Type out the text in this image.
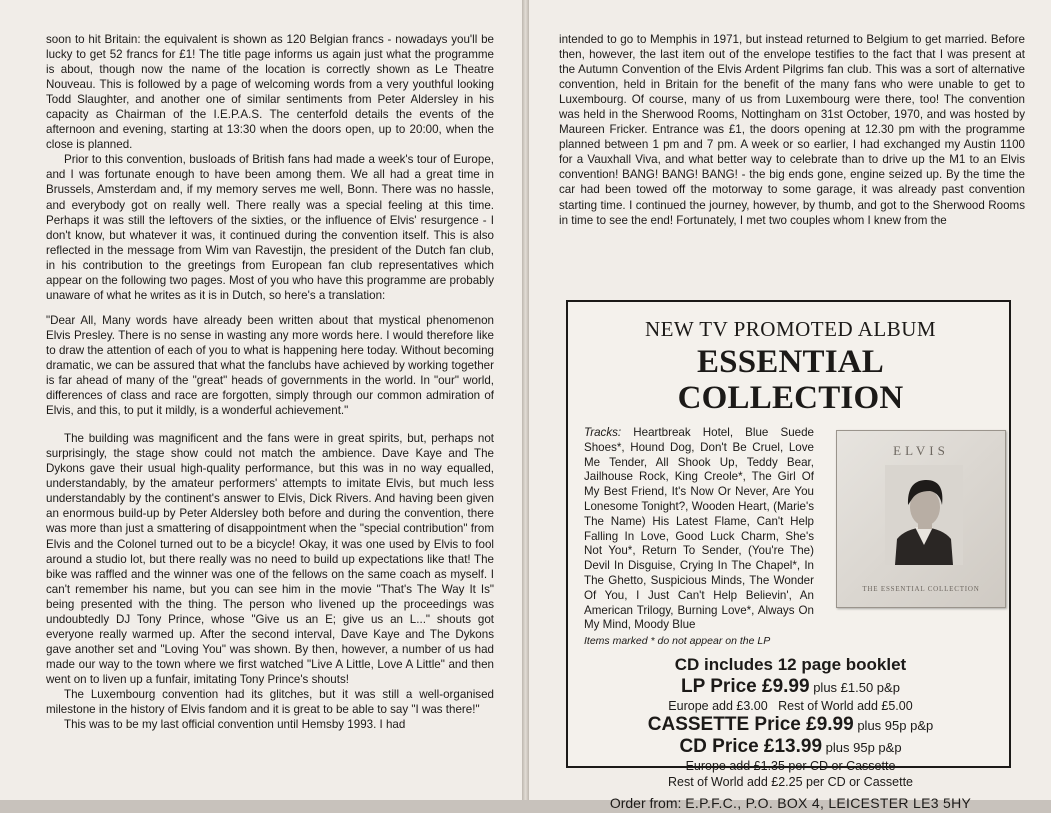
soon to hit Britain: the equivalent is shown as 120 Belgian francs - nowadays you'll be lucky to get 52 francs for £1! The title page informs us again just what the programme is about, though now the name of the location is correctly shown as Le Theatre Nouveau. This is followed by a page of welcoming words from a very youthful looking Todd Slaughter, and another one of similar sentiments from Peter Aldersley in his capacity as Chairman of the I.E.P.A.S. The centerfold details the events of the afternoon and evening, starting at 13:30 when the doors open, up to 20:00, when the close is planned.

Prior to this convention, busloads of British fans had made a week's tour of Europe, and I was fortunate enough to have been among them. We all had a great time in Brussels, Amsterdam and, if my memory serves me well, Bonn. There was no hassle, and everybody got on really well. There really was a special feeling at this time. Perhaps it was still the leftovers of the sixties, or the influence of Elvis' resurgence - I don't know, but whatever it was, it continued during the convention itself. This is also reflected in the message from Wim van Ravestijn, the president of the Dutch fan club, in his contribution to the greetings from European fan club representatives which appear on the following two pages. Most of you who have this programme are probably unaware of what he writes as it is in Dutch, so here's a translation:

"Dear All, Many words have already been written about that mystical phenomenon Elvis Presley. There is no sense in wasting any more words here. I would therefore like to draw the attention of each of you to what is happening here today. Without becoming dramatic, we can be assured that what the fanclubs have achieved by working together is far ahead of many of the "great" heads of governments in the world. In "our" world, differences of class and race are forgotten, simply through our common admiration of Elvis, and this, to put it mildly, is a wonderful achievement."

The building was magnificent and the fans were in great spirits, but, perhaps not surprisingly, the stage show could not match the ambience. Dave Kaye and The Dykons gave their usual high-quality performance, but this was in no way equalled, understandably, by the amateur performers' attempts to imitate Elvis, but much less understandably by the continent's answer to Elvis, Dick Rivers. And having been given an enormous build-up by Peter Aldersley both before and during the convention, there was more than just a smattering of disappointment when the "special contribution" from Elvis and the Colonel turned out to be a bicycle! Okay, it was one used by Elvis to fool around a studio lot, but there really was no need to build up expectations like that! The bike was raffled and the winner was one of the fellows on the same coach as myself. I can't remember his name, but you can see him in the movie "That's The Way It Is" being presented with the thing. The person who livened up the proceedings was undoubtedly DJ Tony Prince, whose "Give us an E; give us an L..." shouts got everyone really warmed up. After the second interval, Dave Kaye and The Dykons gave another set and "Loving You" was shown. By then, however, a number of us had made our way to the town where we first watched "Live A Little, Love A Little" and then went on to liven up a funfair, imitating Tony Prince's shouts!

The Luxembourg convention had its glitches, but it was still a well-organised milestone in the history of Elvis fandom and it is great to be able to say "I was there!"

This was to be my last official convention until Hemsby 1993. I had

intended to go to Memphis in 1971, but instead returned to Belgium to get married. Before then, however, the last item out of the envelope testifies to the fact that I was present at the Autumn Convention of the Elvis Ardent Pilgrims fan club. This was a sort of alternative convention, held in Britain for the benefit of the many fans who were unable to get to Luxembourg. Of course, many of us from Luxembourg were there, too! The convention was held in the Sherwood Rooms, Nottingham on 31st October, 1970, and was hosted by Maureen Fricker. Entrance was £1, the doors opening at 12.30 pm with the programme planned between 1 pm and 7 pm. A week or so earlier, I had exchanged my Austin 1100 for a Vauxhall Viva, and what better way to celebrate than to drive up the M1 to an Elvis convention! BANG! BANG! BANG! - the big ends gone, engine seized up. By the time the car had been towed off the motorway to some garage, it was already past convention starting time. I continued the journey, however, by thumb, and got to the Sherwood Rooms in time to see the end! Fortunately, I met two couples whom I knew from the

NEW TV PROMOTED ALBUM

ESSENTIAL COLLECTION

Tracks: Heartbreak Hotel, Blue Suede Shoes*, Hound Dog, Don't Be Cruel, Love Me Tender, All Shook Up, Teddy Bear, Jailhouse Rock, King Creole*, The Girl Of My Best Friend, It's Now Or Never, Are You Lonesome Tonight?, Wooden Heart, (Marie's The Name) His Latest Flame, Can't Help Falling In Love, Good Luck Charm, She's Not You*, Return To Sender, (You're The) Devil In Disguise, Crying In The Chapel*, In The Ghetto, Suspicious Minds, The Wonder Of You, I Just Can't Help Believin', An American Trilogy, Burning Love*, Always On My Mind, Moody Blue

Items marked * do not appear on the LP

ELVIS
THE ESSENTIAL COLLECTION

CD includes 12 page booklet

LP Price £9.99 plus £1.50 p&p

Europe add £3.00 Rest of World add £5.00

CASSETTE Price £9.99 plus 95p p&p

CD Price £13.99 plus 95p p&p

Europe add £1.35 per CD or Cassette

Rest of World add £2.25 per CD or Cassette

Order from: E.P.F.C., P.O. BOX 4, LEICESTER LE3 5HY
